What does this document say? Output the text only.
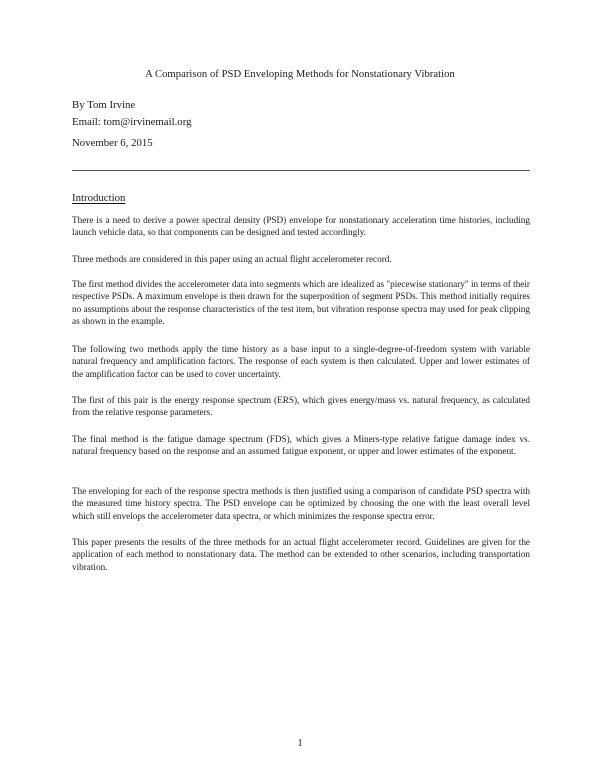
A Comparison of PSD Enveloping Methods for Nonstationary Vibration
By Tom Irvine
Email: tom@irvinemail.org
November 6, 2015
Introduction

There is a need to derive a power spectral density (PSD) envelope for nonstationary acceleration time histories, including launch vehicle data, so that components can be designed and tested accordingly.

Three methods are considered in this paper using an actual flight accelerometer record.

The first method divides the accelerometer data into segments which are idealized as "piecewise stationary" in terms of their respective PSDs. A maximum envelope is then drawn for the superposition of segment PSDs. This method initially requires no assumptions about the response characteristics of the test item, but vibration response spectra may used for peak clipping as shown in the example.

The following two methods apply the time history as a base input to a single-degree-of-freedom system with variable natural frequency and amplification factors. The response of each system is then calculated. Upper and lower estimates of the amplification factor can be used to cover uncertainty.

The first of this pair is the energy response spectrum (ERS), which gives energy/mass vs. natural frequency, as calculated from the relative response parameters.

The final method is the fatigue damage spectrum (FDS), which gives a Miners-type relative fatigue damage index vs. natural frequency based on the response and an assumed fatigue exponent, or upper and lower estimates of the exponent.

The enveloping for each of the response spectra methods is then justified using a comparison of candidate PSD spectra with the measured time history spectra. The PSD envelope can be optimized by choosing the one with the least overall level which still envelops the accelerometer data spectra, or which minimizes the response spectra error.

This paper presents the results of the three methods for an actual flight accelerometer record. Guidelines are given for the application of each method to nonstationary data. The method can be extended to other scenarios, including transportation vibration.

1
